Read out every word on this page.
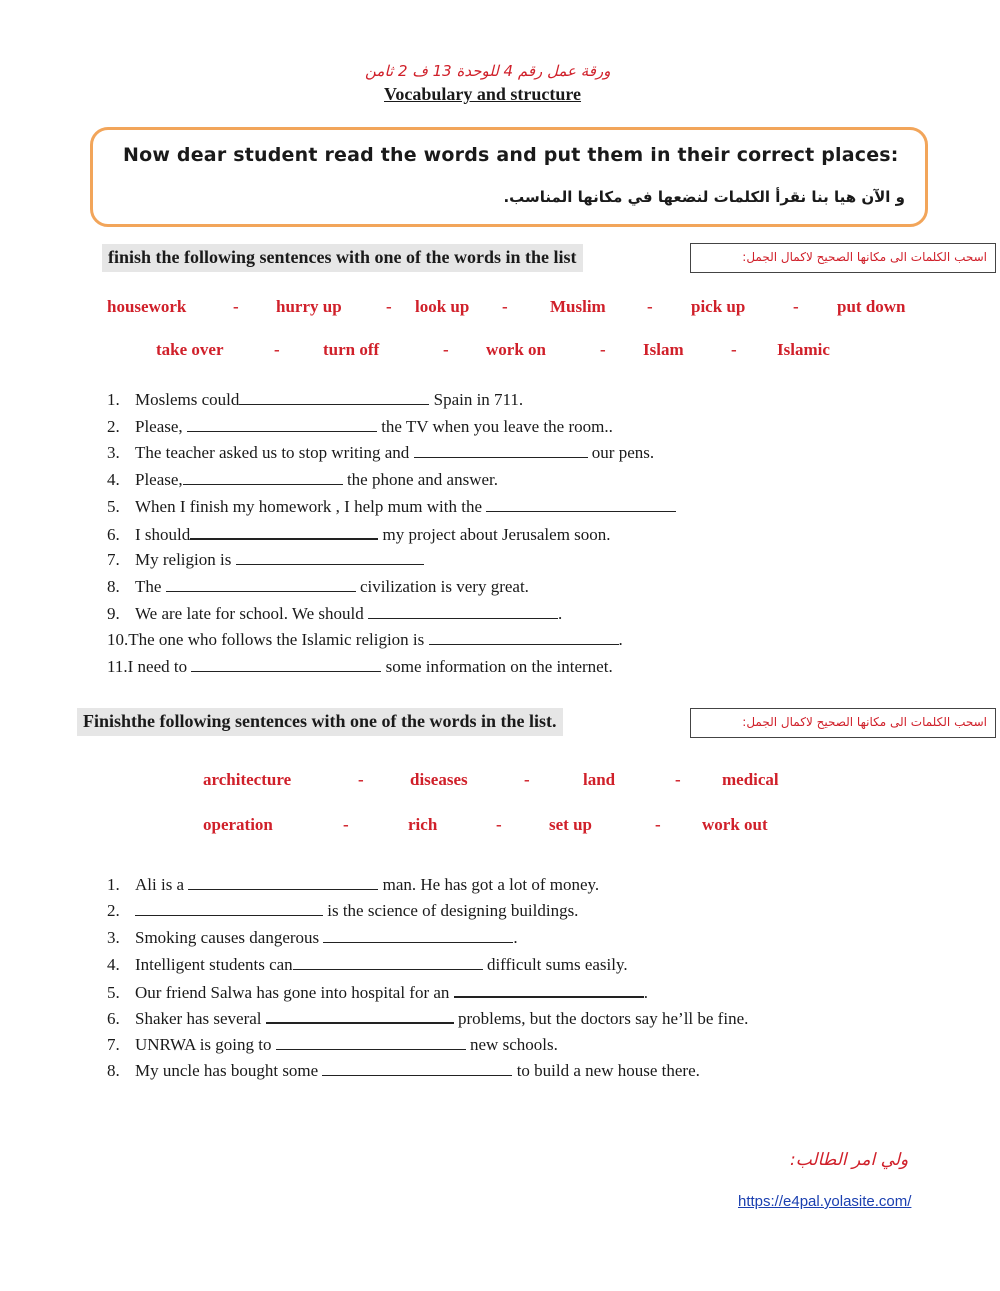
ورقة عمل رقم 4 للوحدة 13 ف 2 ثامن
Vocabulary and structure
Now dear student read the words and put them in their correct places:
و الآن هيا بنا نقرأ الكلمات لنضعها في مكانها المناسب.
finish the following sentences with one of the words in the list	اسحب الكلمات الى مكانها الصحيح لاكمال الجمل:
housework	- hurry up	- look up - Muslim - pick up	- put down
take over	-	turn off	- work on	- Islam	- Islamic
1. Moslems could	Spain in 711.
2. Please,	the TV when you leave the room..
3. The teacher asked us to stop writing and	our pens.
4. Please,	the phone and answer.
5. When I finish my homework , I help mum with the
6. I should	my project about Jerusalem soon.
7. My religion is
8. The	civilization is very great.
9. We are late for school. We should	.
10.The one who follows the Islamic religion is	.
11.I need to	some information on the internet.
Finishthe following sentences with one of the words in the list.	اسحب الكلمات الى مكانها الصحيح لاكمال الجمل:
architecture	-	diseases	-	land	- medical
operation	-	rich	-	set up	- work out
1. Ali is a	man. He has got a lot of money.
2.	is the science of designing buildings.
3. Smoking causes dangerous	.
4. Intelligent students can	difficult sums easily.
5. Our friend Salwa has gone into hospital for an	.
6. Shaker has several	problems, but the doctors say he’ll be fine.
7. UNRWA is going to	new schools.
8. My uncle has bought some	to build a new house there.
ولي امر الطالب:
https://e4pal.yolasite.com/
